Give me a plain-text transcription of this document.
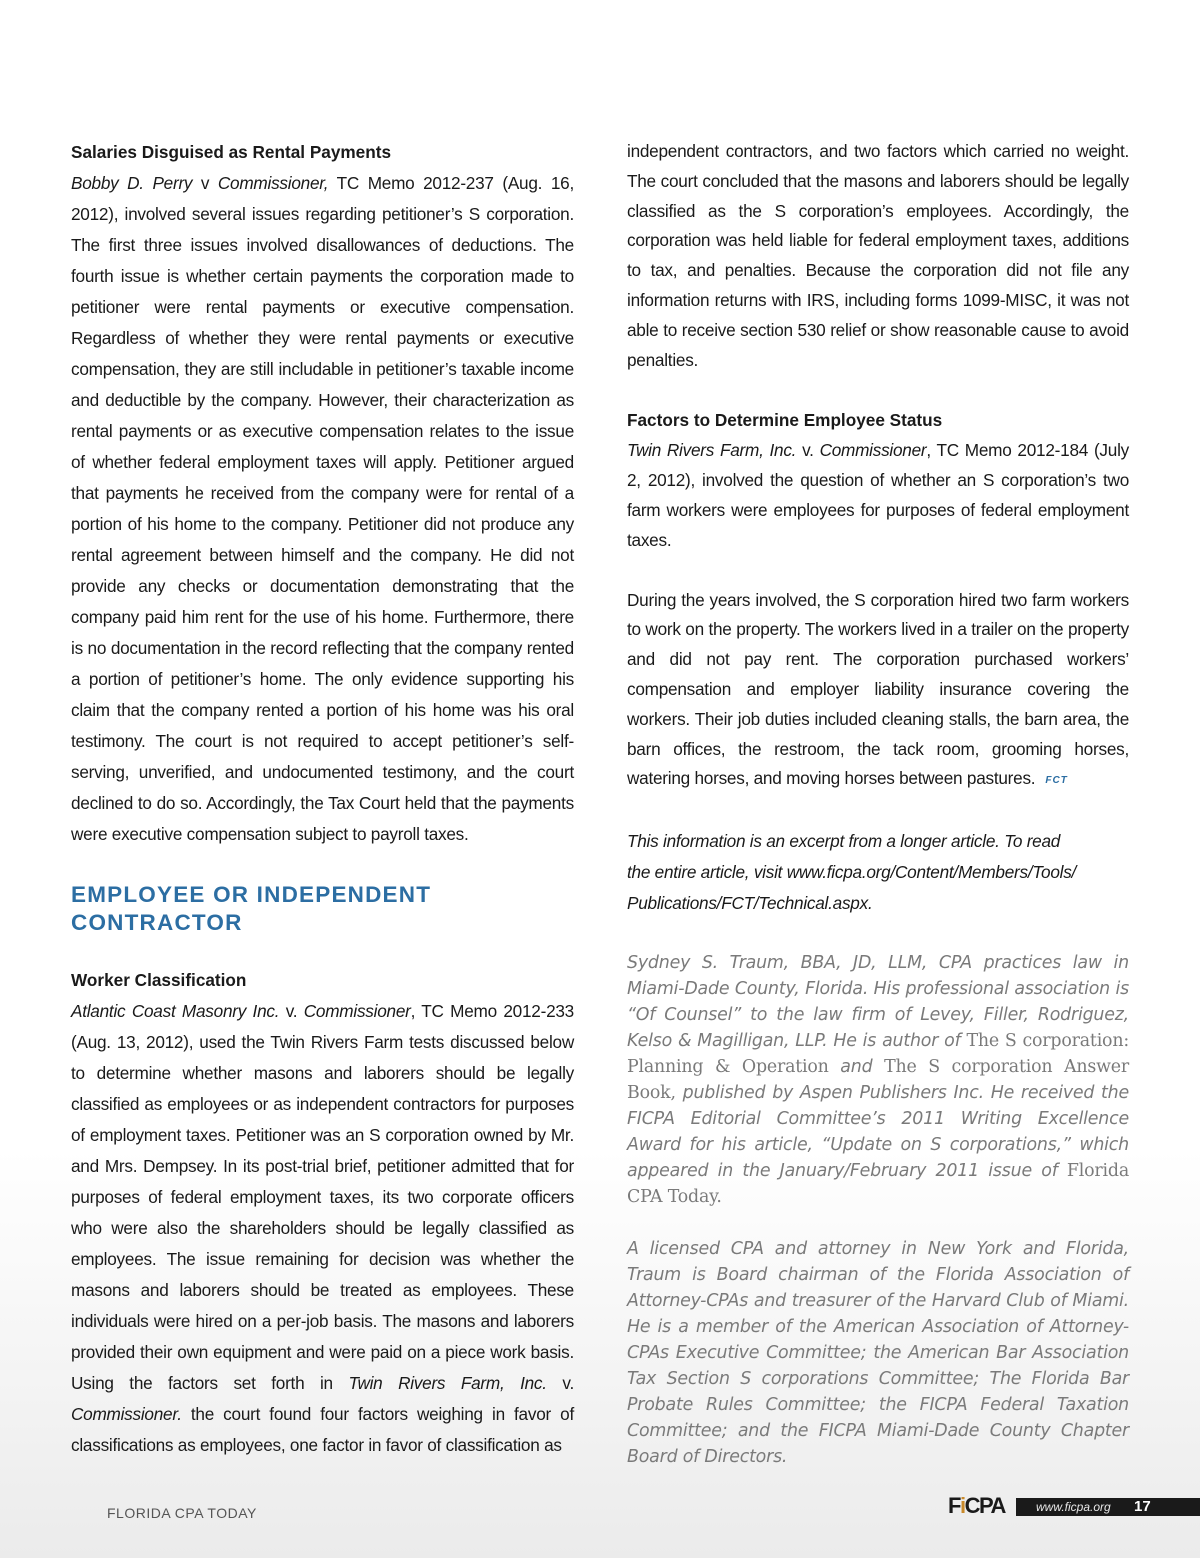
Salaries Disguised as Rental Payments

Bobby D. Perry v Commissioner, TC Memo 2012-237 (Aug. 16, 2012), involved several issues regarding petitioner’s S corporation. The first three issues involved disallowances of deductions. The fourth issue is whether certain payments the corporation made to petitioner were rental payments or executive compensation. Regardless of whether they were rental payments or executive compensation, they are still includable in petitioner’s taxable income and deductible by the company. However, their characterization as rental payments or as executive compensation relates to the issue of whether federal employment taxes will apply. Petitioner argued that payments he received from the company were for rental of a portion of his home to the company. Petitioner did not produce any rental agreement between himself and the company. He did not provide any checks or documentation demonstrating that the company paid him rent for the use of his home. Furthermore, there is no documentation in the record reflecting that the company rented a portion of petitioner’s home. The only evidence supporting his claim that the company rented a portion of his home was his oral testimony. The court is not required to accept petitioner’s self-serving, unverified, and undocumented testimony, and the court declined to do so. Accordingly, the Tax Court held that the payments were executive compensation subject to payroll taxes.

EMPLOYEE OR INDEPENDENT
CONTRACTOR

Worker Classification

Atlantic Coast Masonry Inc. v. Commissioner, TC Memo 2012-233 (Aug. 13, 2012), used the Twin Rivers Farm tests discussed below to determine whether masons and laborers should be legally classified as employees or as independent contractors for purposes of employment taxes. Petitioner was an S corporation owned by Mr. and Mrs. Dempsey. In its post-trial brief, petitioner admitted that for purposes of federal employment taxes, its two corporate officers who were also the shareholders should be legally classified as employees. The issue remaining for decision was whether the masons and laborers should be treated as employees. These individuals were hired on a per-job basis. The masons and laborers provided their own equipment and were paid on a piece work basis. Using the factors set forth in Twin Rivers Farm, Inc. v. Commissioner. the court found four factors weighing in favor of classifications as employees, one factor in favor of classification as

independent contractors, and two factors which carried no weight. The court concluded that the masons and laborers should be legally classified as the S corporation’s employees. Accordingly, the corporation was held liable for federal employment taxes, additions to tax, and penalties. Because the corporation did not file any information returns with IRS, including forms 1099-MISC, it was not able to receive section 530 relief or show reasonable cause to avoid penalties.

Factors to Determine Employee Status

Twin Rivers Farm, Inc. v. Commissioner, TC Memo 2012-184 (July 2, 2012), involved the question of whether an S corporation’s two farm workers were employees for purposes of federal employment taxes.

During the years involved, the S corporation hired two farm workers to work on the property. The workers lived in a trailer on the property and did not pay rent. The corporation purchased workers’ compensation and employer liability insurance covering the workers. Their job duties included cleaning stalls, the barn area, the barn offices, the restroom, the tack room, grooming horses, watering horses, and moving horses between pastures. FCT

This information is an excerpt from a longer article. To read
the entire article, visit www.ficpa.org/Content/Members/Tools/
Publications/FCT/Technical.aspx.

Sydney S. Traum, BBA, JD, LLM, CPA practices law in Miami-Dade County, Florida. His professional association is “Of Counsel” to the law firm of Levey, Filler, Rodriguez, Kelso & Magilligan, LLP. He is author of The S corporation: Planning & Operation and The S corporation Answer Book, published by Aspen Publishers Inc. He received the FICPA Editorial Committee’s 2011 Writing Excellence Award for his article, “Update on S corporations,” which appeared in the January/February 2011 issue of Florida CPA Today.

A licensed CPA and attorney in New York and Florida, Traum is Board chairman of the Florida Association of Attorney-CPAs and treasurer of the Harvard Club of Miami. He is a member of the American Association of Attorney-CPAs Executive Committee; the American Bar Association Tax Section S corporations Committee; The Florida Bar Probate Rules Committee; the FICPA Federal Taxation Committee; and the FICPA Miami-Dade County Chapter Board of Directors.

FLORIDA CPA TODAY	FiCPA	www.ficpa.org 17
